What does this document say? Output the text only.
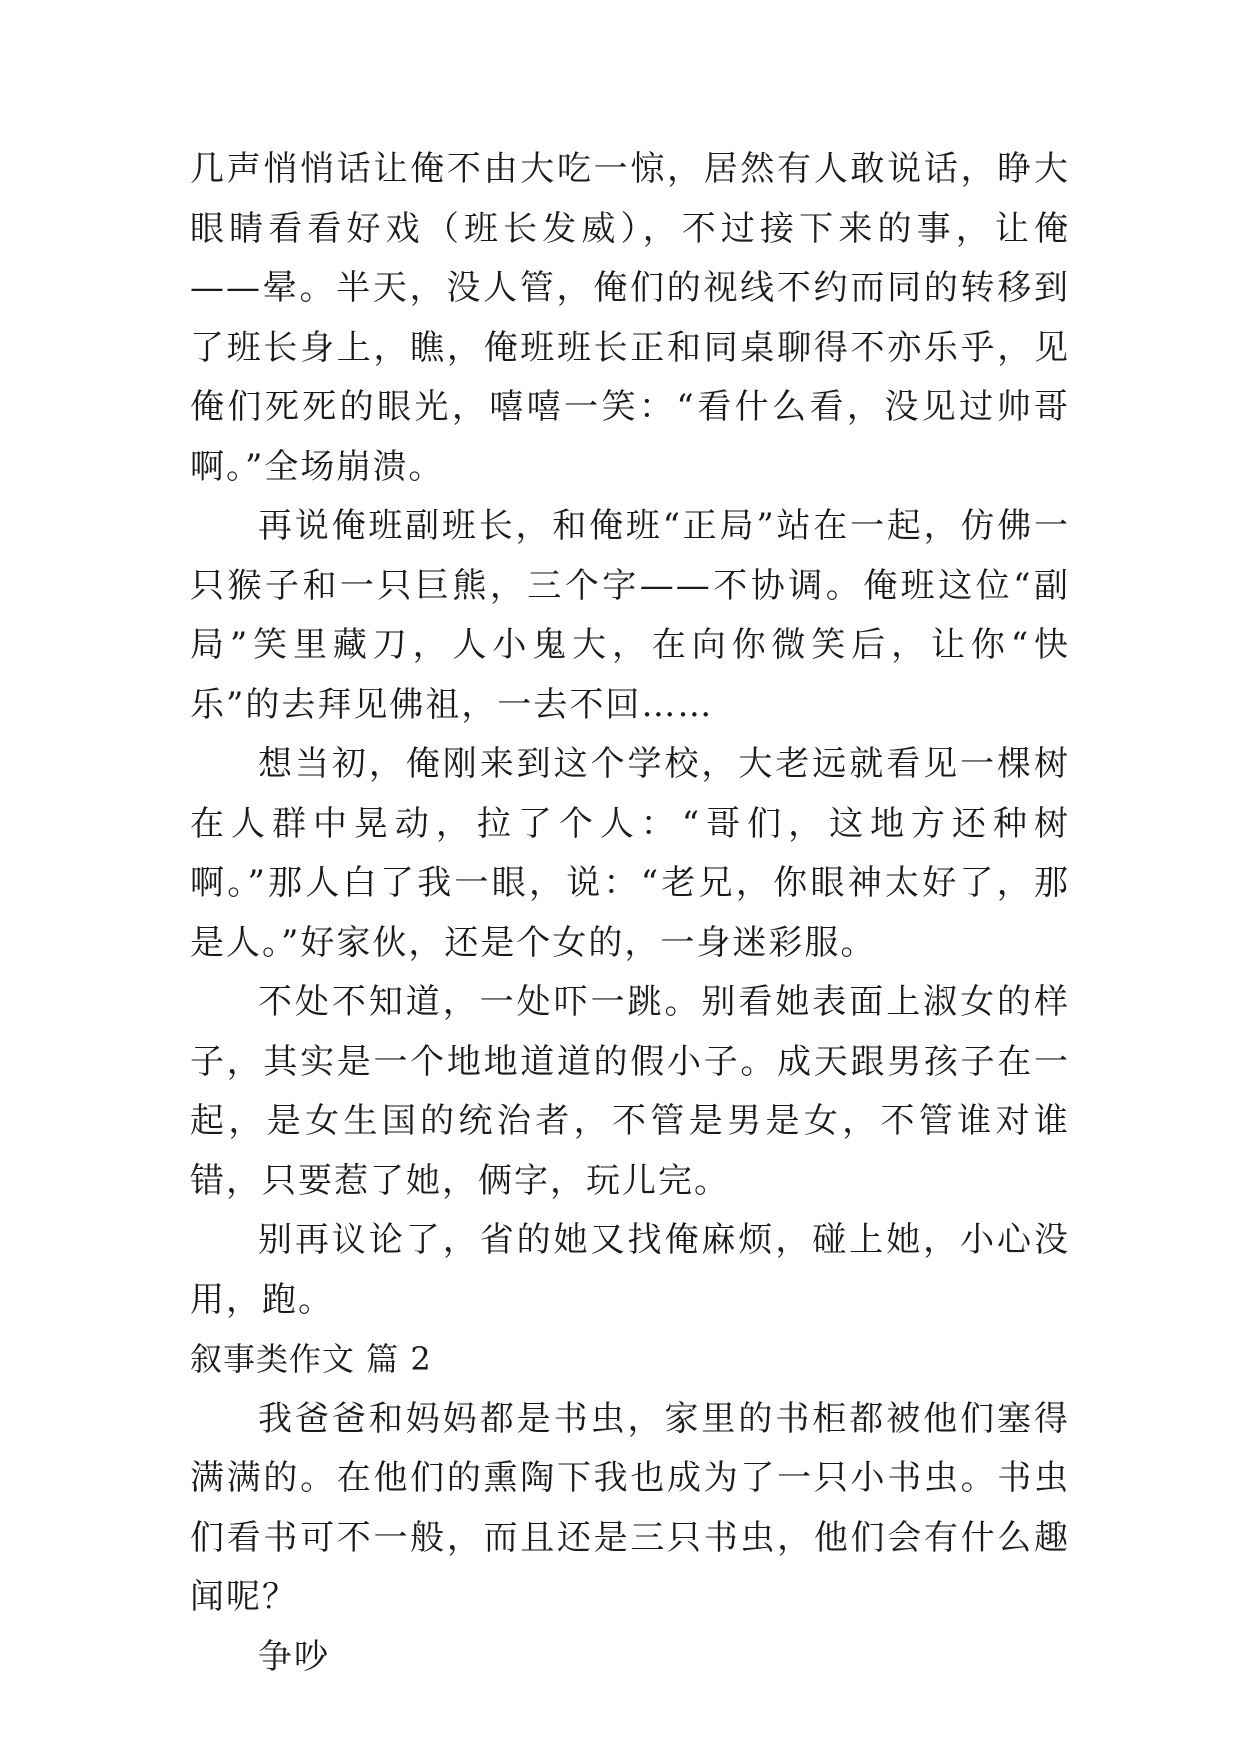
几声悄悄话让俺不由大吃一惊，居然有人敢说话，睁大眼睛看看好戏（班长发威），不过接下来的事，让俺——晕。半天，没人管，俺们的视线不约而同的转移到了班长身上，瞧，俺班班长正和同桌聊得不亦乐乎，见俺们死死的眼光，嘻嘻一笑：“看什么看，没见过帅哥啊。”全场崩溃。

再说俺班副班长，和俺班“正局”站在一起，仿佛一只猴子和一只巨熊，三个字——不协调。俺班这位“副局”笑里藏刀，人小鬼大，在向你微笑后，让你“快乐”的去拜见佛祖，一去不回……

想当初，俺刚来到这个学校，大老远就看见一棵树在人群中晃动，拉了个人：“哥们，这地方还种树啊。”那人白了我一眼，说：“老兄，你眼神太好了，那是人。”好家伙，还是个女的，一身迷彩服。

不处不知道，一处吓一跳。别看她表面上淑女的样子，其实是一个地地道道的假小子。成天跟男孩子在一起，是女生国的统治者，不管是男是女，不管谁对谁错，只要惹了她，俩字，玩儿完。

别再议论了，省的她又找俺麻烦，碰上她，小心没用，跑。

叙事类作文 篇 2

我爸爸和妈妈都是书虫，家里的书柜都被他们塞得满满的。在他们的熏陶下我也成为了一只小书虫。书虫们看书可不一般，而且还是三只书虫，他们会有什么趣闻呢？

争吵
